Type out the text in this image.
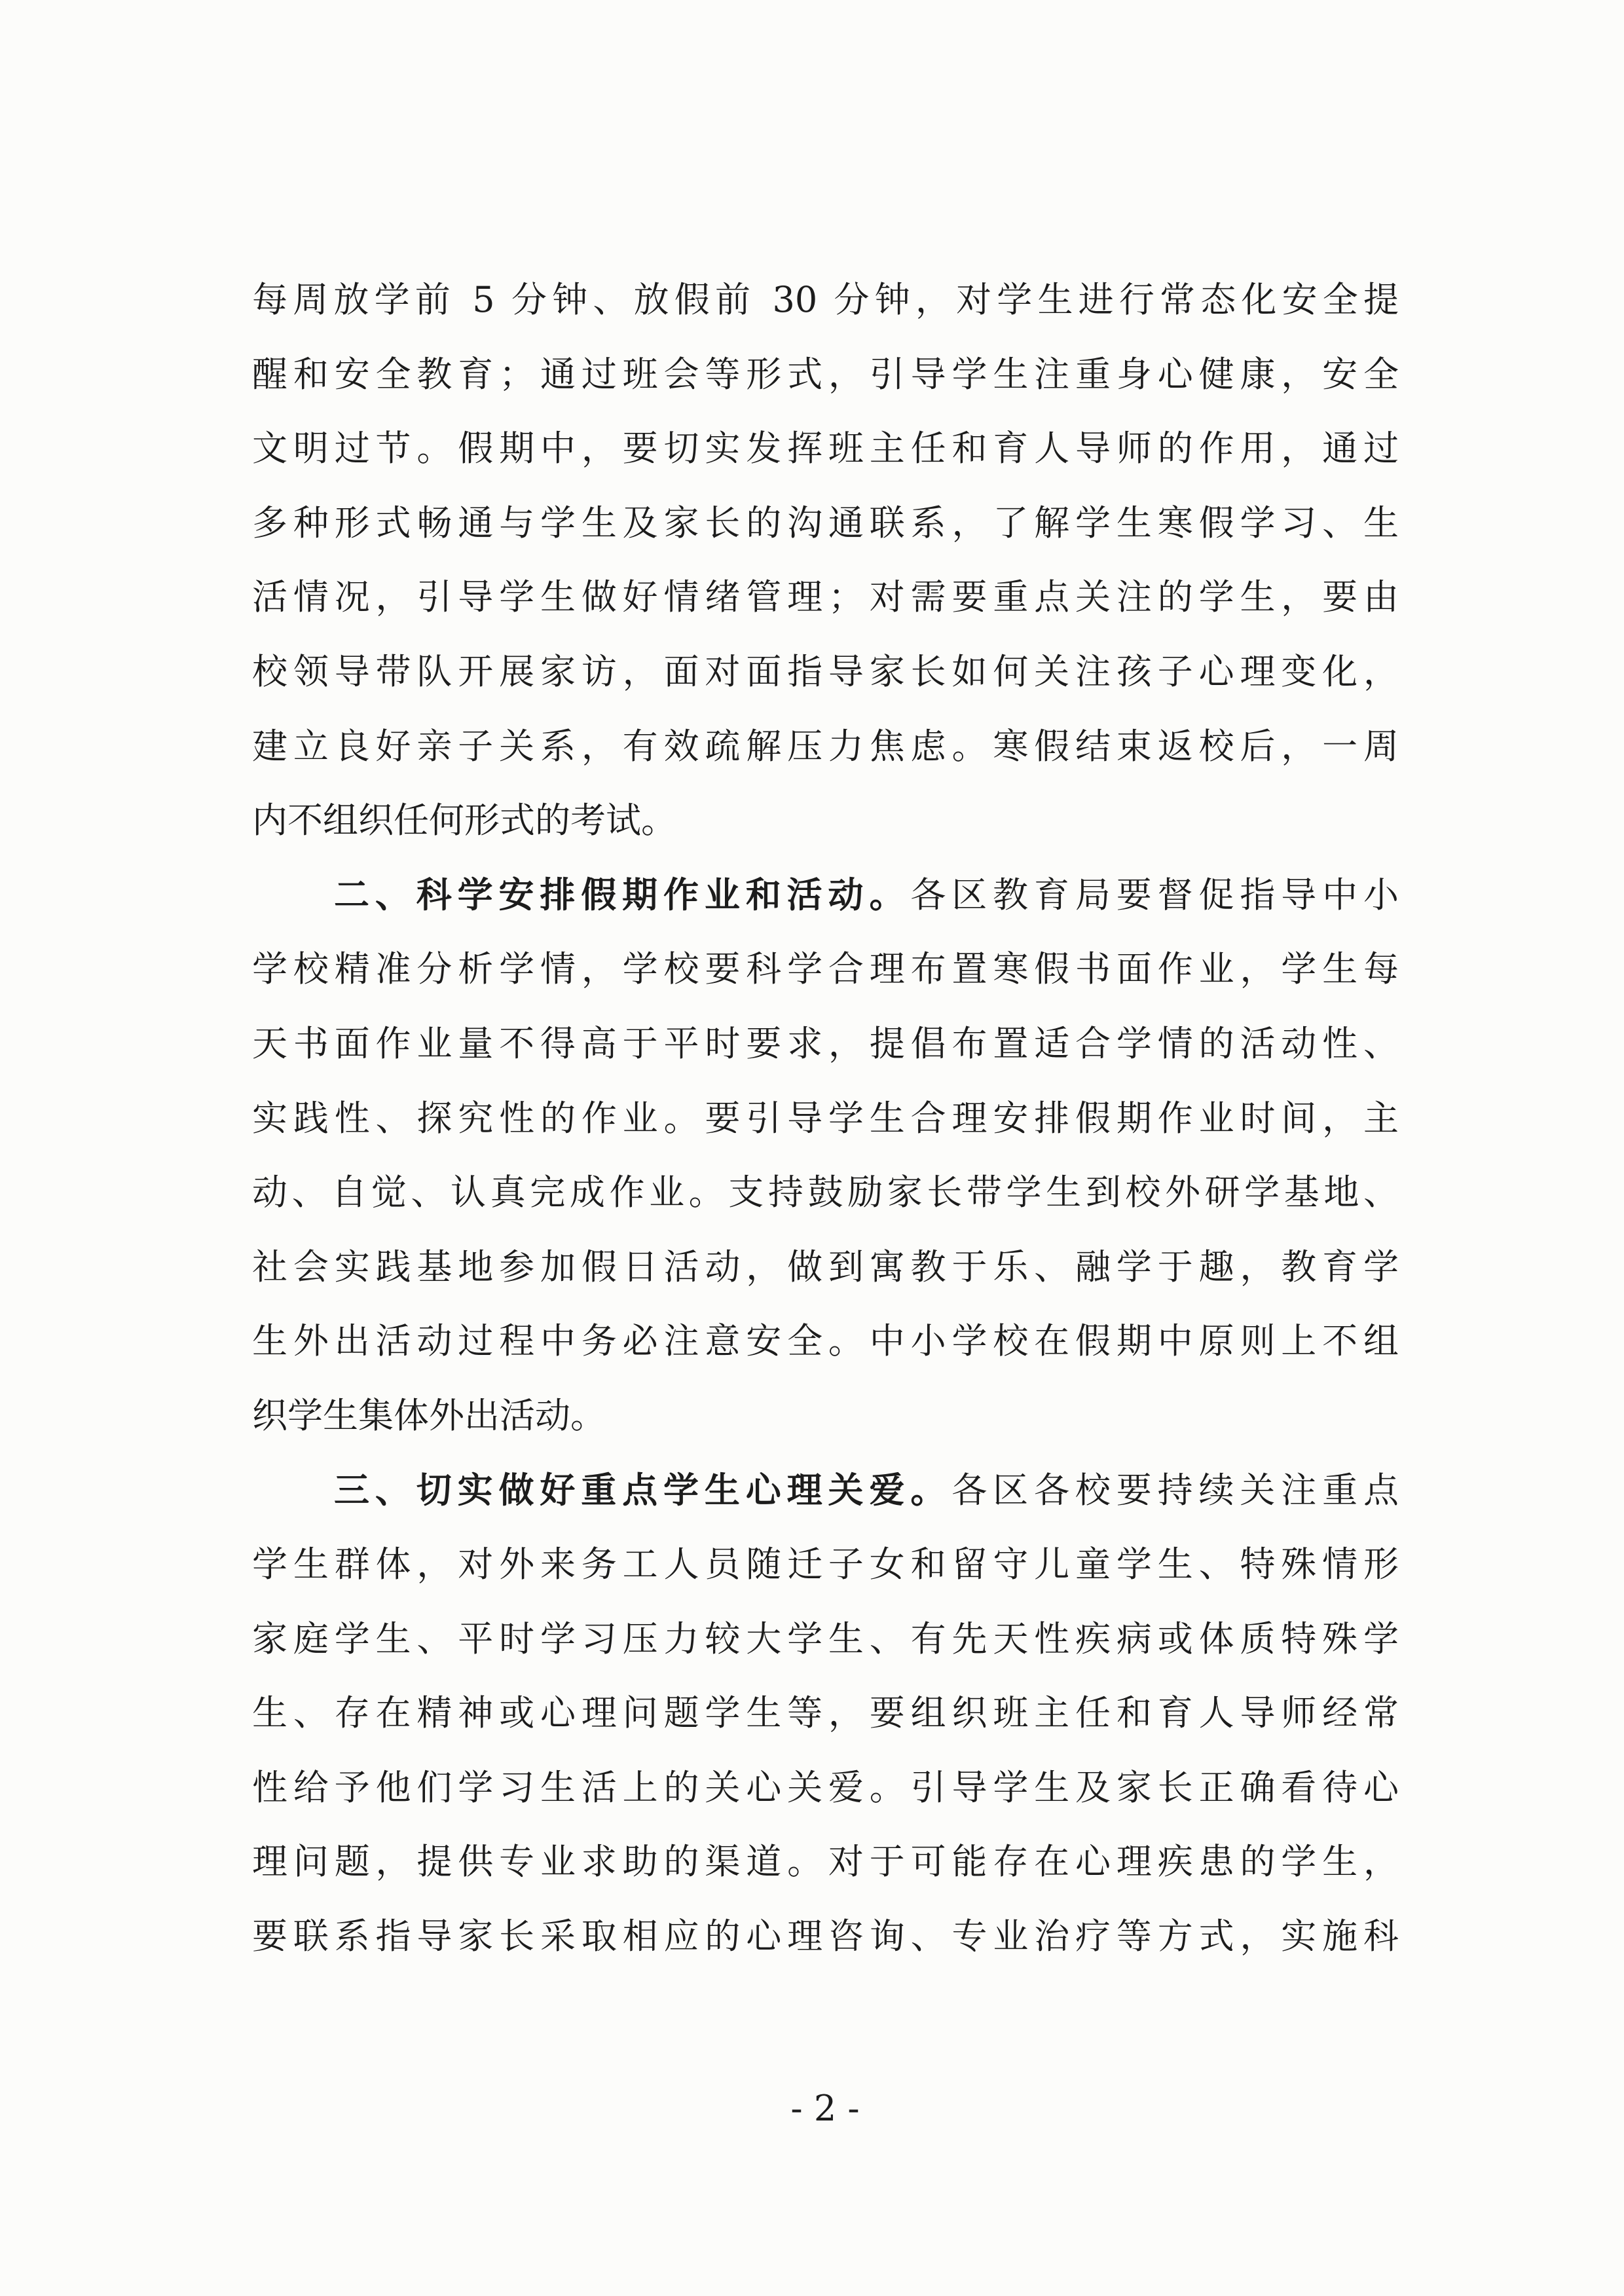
每周放学前 5 分钟、放假前 30 分钟，对学生进行常态化安全提
醒和安全教育；通过班会等形式，引导学生注重身心健康，安全
文明过节。假期中，要切实发挥班主任和育人导师的作用，通过
多种形式畅通与学生及家长的沟通联系，了解学生寒假学习、生
活情况，引导学生做好情绪管理；对需要重点关注的学生，要由
校领导带队开展家访，面对面指导家长如何关注孩子心理变化，
建立良好亲子关系，有效疏解压力焦虑。寒假结束返校后，一周
内不组织任何形式的考试。
二、科学安排假期作业和活动。各区教育局要督促指导中小
学校精准分析学情，学校要科学合理布置寒假书面作业，学生每
天书面作业量不得高于平时要求，提倡布置适合学情的活动性、
实践性、探究性的作业。要引导学生合理安排假期作业时间，主
动、自觉、认真完成作业。支持鼓励家长带学生到校外研学基地、
社会实践基地参加假日活动，做到寓教于乐、融学于趣，教育学
生外出活动过程中务必注意安全。中小学校在假期中原则上不组
织学生集体外出活动。
三、切实做好重点学生心理关爱。各区各校要持续关注重点
学生群体，对外来务工人员随迁子女和留守儿童学生、特殊情形
家庭学生、平时学习压力较大学生、有先天性疾病或体质特殊学
生、存在精神或心理问题学生等，要组织班主任和育人导师经常
性给予他们学习生活上的关心关爱。引导学生及家长正确看待心
理问题，提供专业求助的渠道。对于可能存在心理疾患的学生，
要联系指导家长采取相应的心理咨询、专业治疗等方式，实施科
- 2 -
